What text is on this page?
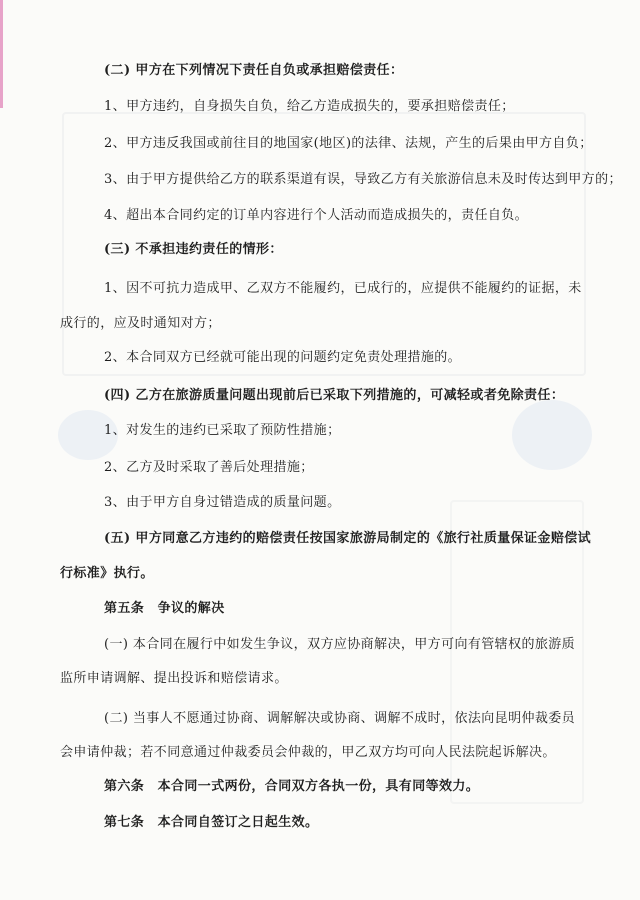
(二) 甲方在下列情况下责任自负或承担赔偿责任：

1、甲方违约，自身损失自负，给乙方造成损失的，要承担赔偿责任；

2、甲方违反我国或前往目的地国家(地区)的法律、法规，产生的后果由甲方自负；

3、由于甲方提供给乙方的联系渠道有误，导致乙方有关旅游信息未及时传达到甲方的；

4、超出本合同约定的订单内容进行个人活动而造成损失的，责任自负。

(三) 不承担违约责任的情形：

1、因不可抗力造成甲、乙双方不能履约，已成行的，应提供不能履约的证据，未

成行的，应及时通知对方；

2、本合同双方已经就可能出现的问题约定免责处理措施的。

(四) 乙方在旅游质量问题出现前后已采取下列措施的，可减轻或者免除责任：

1、对发生的违约已采取了预防性措施；

2、乙方及时采取了善后处理措施；

3、由于甲方自身过错造成的质量问题。

(五) 甲方同意乙方违约的赔偿责任按国家旅游局制定的《旅行社质量保证金赔偿试

行标准》执行。

第五条　争议的解决

(一) 本合同在履行中如发生争议，双方应协商解决，甲方可向有管辖权的旅游质

监所申请调解、提出投诉和赔偿请求。

(二) 当事人不愿通过协商、调解解决或协商、调解不成时，依法向昆明仲裁委员

会申请仲裁；若不同意通过仲裁委员会仲裁的，甲乙双方均可向人民法院起诉解决。

第六条　本合同一式两份，合同双方各执一份，具有同等效力。

第七条　本合同自签订之日起生效。
